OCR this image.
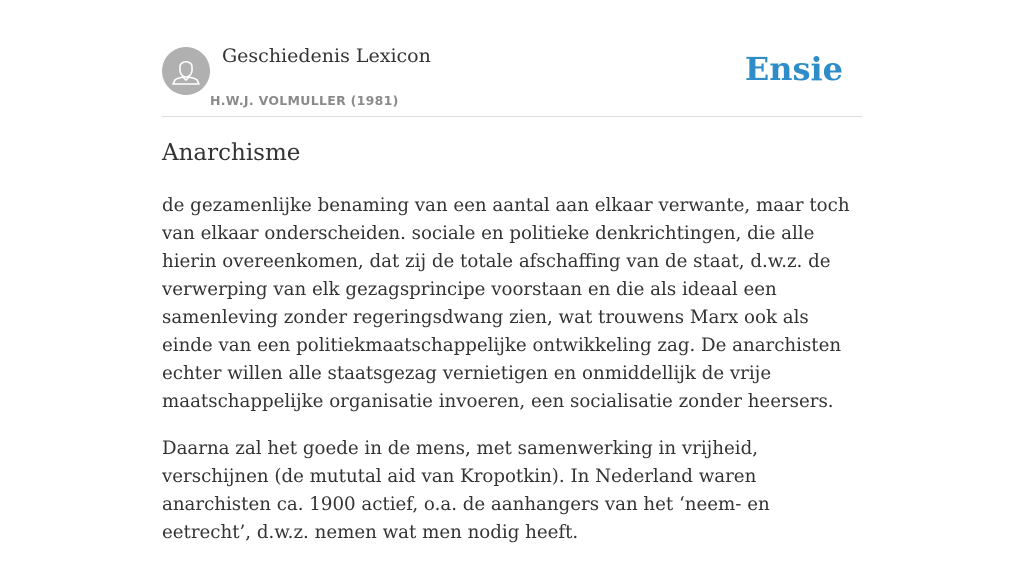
Geschiedenis Lexicon
H.W.J. VOLMULLER (1981)
Ensie
Anarchisme

de gezamenlijke benaming van een aantal aan elkaar verwante, maar toch van elkaar onderscheiden. sociale en politieke denkrichtingen, die alle hierin overeenkomen, dat zij de totale afschaffing van de staat, d.w.z. de verwerping van elk gezagsprincipe voorstaan en die als ideaal een samenleving zonder regeringsdwang zien, wat trouwens Marx ook als einde van een politiekmaatschappelijke ontwikkeling zag. De anarchisten echter willen alle staatsgezag vernietigen en onmiddellijk de vrije maatschappelijke organisatie invoeren, een socialisatie zonder heersers.

Daarna zal het goede in de mens, met samenwerking in vrijheid, verschijnen (de mututal aid van Kropotkin). In Nederland waren anarchisten ca. 1900 actief, o.a. de aanhangers van het ‘neem- en eetrecht’, d.w.z. nemen wat men nodig heeft.
